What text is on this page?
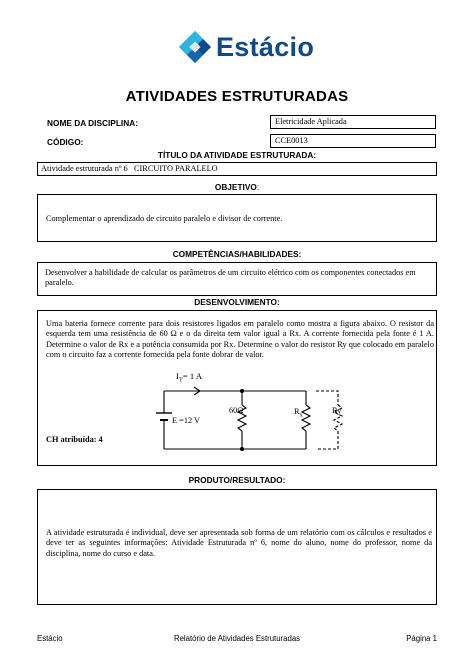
Estácio
ATIVIDADES ESTRUTURADAS
NOME DA DISCIPLINA:	Eletricidade Aplicada
CÓDIGO:	CCE0013
TÍTULO DA ATIVIDADE ESTRUTURADA:
Atividade estruturada nº 6 CIRCUITO PARALELO
OBJETIVO:
Complementar o aprendizado de circuito paralelo e divisor de corrente.
COMPETÊNCIAS/HABILIDADES:
Desenvolver a habilidade de calcular os parâmetros de um circuito elétrico com os componentes conectados em paralelo.
DESENVOLVIMENTO:
Uma bateria fornece corrente para dois resistores ligados em paralelo como mostra a figura abaixo. O resistor da esquerda tem uma resistência de 60 Ω e o da direita tem valor igual a Rx. A corrente fornecida pela fonte é 1 A. Determine o valor de Rx e a potência consumida por Rx. Determine o valor do resistor Ry que colocado em paralelo com o circuito faz a corrente fornecida pela fonte dobrar de valor.
$I_T= 1$ A
E =12 V
60Ω	$R_x$
Ry
CH atribuída: 4
PRODUTO/RESULTADO:
A atividade estruturada é individual, deve ser apresentada sob forma de um relatório com os cálculos e resultados e deve ter as seguintes informações: Atividade Estruturada nº 6, nome do aluno, nome do professor, nome da disciplina, nome do curso e data.
Estácio	Relatório de Atividades Estruturadas	Página 1
